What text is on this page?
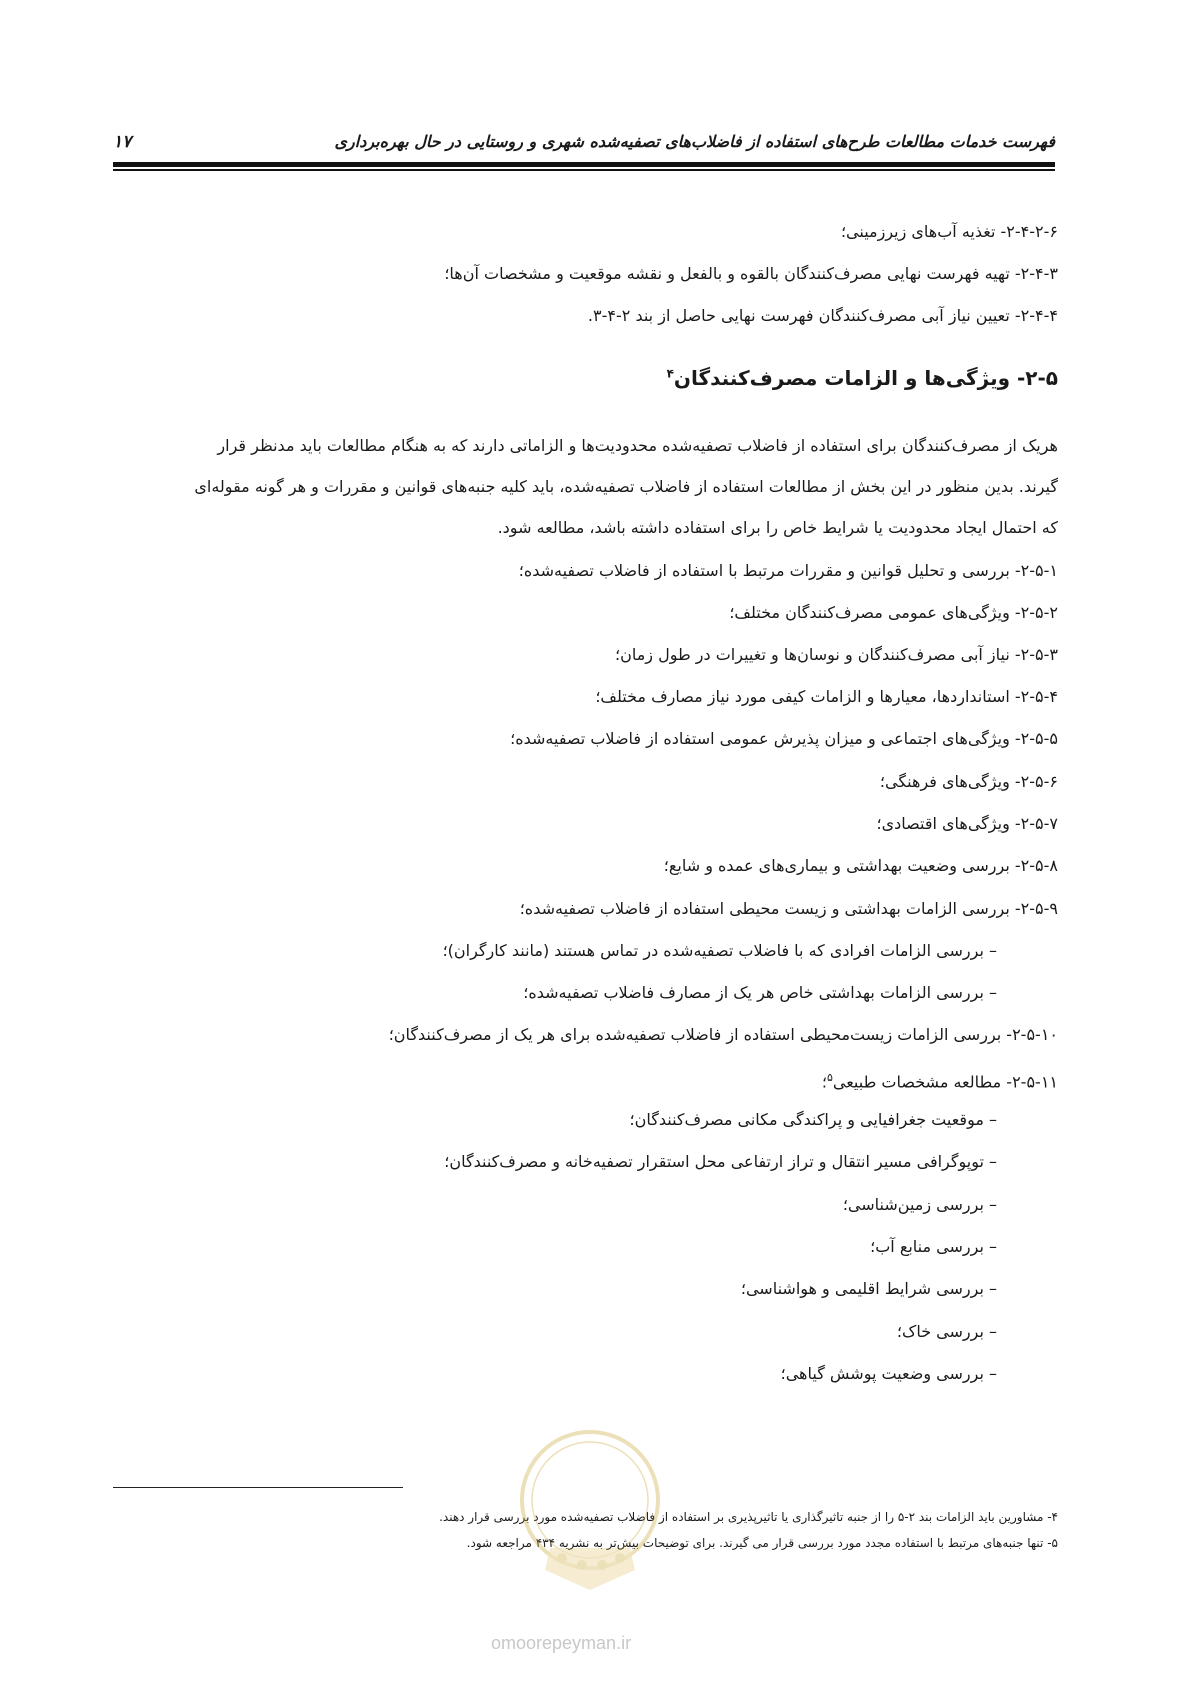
فهرست خدمات مطالعات طرح‌های استفاده از فاضلاب‌های تصفیه‌شده شهری و روستایی در حال بهره‌برداری
۱۷
۲-۴-۲-۶- تغذیه آب‌های زیرزمینی؛
۲-۴-۳- تهیه فهرست نهایی مصرف‌کنندگان بالقوه و بالفعل و نقشه موقعیت و مشخصات آن‌ها؛
۲-۴-۴- تعیین نیاز آبی مصرف‌کنندگان فهرست نهایی حاصل از بند ۲-۴-۳.
۲-۵- ویژگی‌ها و الزامات مصرف‌کنندگان$^۴$
هریک از مصرف‌کنندگان برای استفاده از فاضلاب تصفیه‌شده محدودیت‌ها و الزاماتی دارند که به هنگام مطالعات باید مدنظر قرار
گیرند. بدین منظور در این بخش از مطالعات استفاده از فاضلاب تصفیه‌شده، باید کلیه جنبه‌های قوانین و مقررات و هر گونه مقوله‌ای
که احتمال ایجاد محدودیت یا شرایط خاص را برای استفاده داشته باشد، مطالعه شود.
۲-۵-۱- بررسی و تحلیل قوانین و مقررات مرتبط با استفاده از فاضلاب تصفیه‌شده؛
۲-۵-۲- ویژگی‌های عمومی مصرف‌کنندگان مختلف؛
۲-۵-۳- نیاز آبی مصرف‌کنندگان و نوسان‌ها و تغییرات در طول زمان؛
۲-۵-۴- استانداردها، معیارها و الزامات کیفی مورد نیاز مصارف مختلف؛
۲-۵-۵- ویژگی‌های اجتماعی و میزان پذیرش عمومی استفاده از فاضلاب تصفیه‌شده؛
۲-۵-۶- ویژگی‌های فرهنگی؛
۲-۵-۷- ویژگی‌های اقتصادی؛
۲-۵-۸- بررسی وضعیت بهداشتی و بیماری‌های عمده و شایع؛
۲-۵-۹- بررسی الزامات بهداشتی و زیست محیطی استفاده از فاضلاب تصفیه‌شده؛
– بررسی الزامات افرادی که با فاضلاب تصفیه‌شده در تماس هستند (مانند کارگران)؛
– بررسی الزامات بهداشتی خاص هر یک از مصارف فاضلاب تصفیه‌شده؛
۲-۵-۱۰- بررسی الزامات زیست‌محیطی استفاده از فاضلاب تصفیه‌شده برای هر یک از مصرف‌کنندگان؛
۲-۵-۱۱- مطالعه مشخصات طبیعی$^۵$؛
– موقعیت جغرافیایی و پراکندگی مکانی مصرف‌کنندگان؛
– توپوگرافی مسیر انتقال و تراز ارتفاعی محل استقرار تصفیه‌خانه و مصرف‌کنندگان؛
– بررسی زمین‌شناسی؛
– بررسی منابع آب؛
– بررسی شرایط اقلیمی و هواشناسی؛
– بررسی خاک؛
– بررسی وضعیت پوشش گیاهی؛
۴- مشاورین باید الزامات بند ۲-۵ را از جنبه تاثیرگذاری یا تاثیرپذیری بر استفاده از فاضلاب تصفیه‌شده مورد بررسی قرار دهند.
۵- تنها جنبه‌های مرتبط با استفاده مجدد مورد بررسی قرار می گیرند. برای توضیحات بیش‌تر به نشریه ۴۳۴ مراجعه شود.
omoorepeyman.ir
